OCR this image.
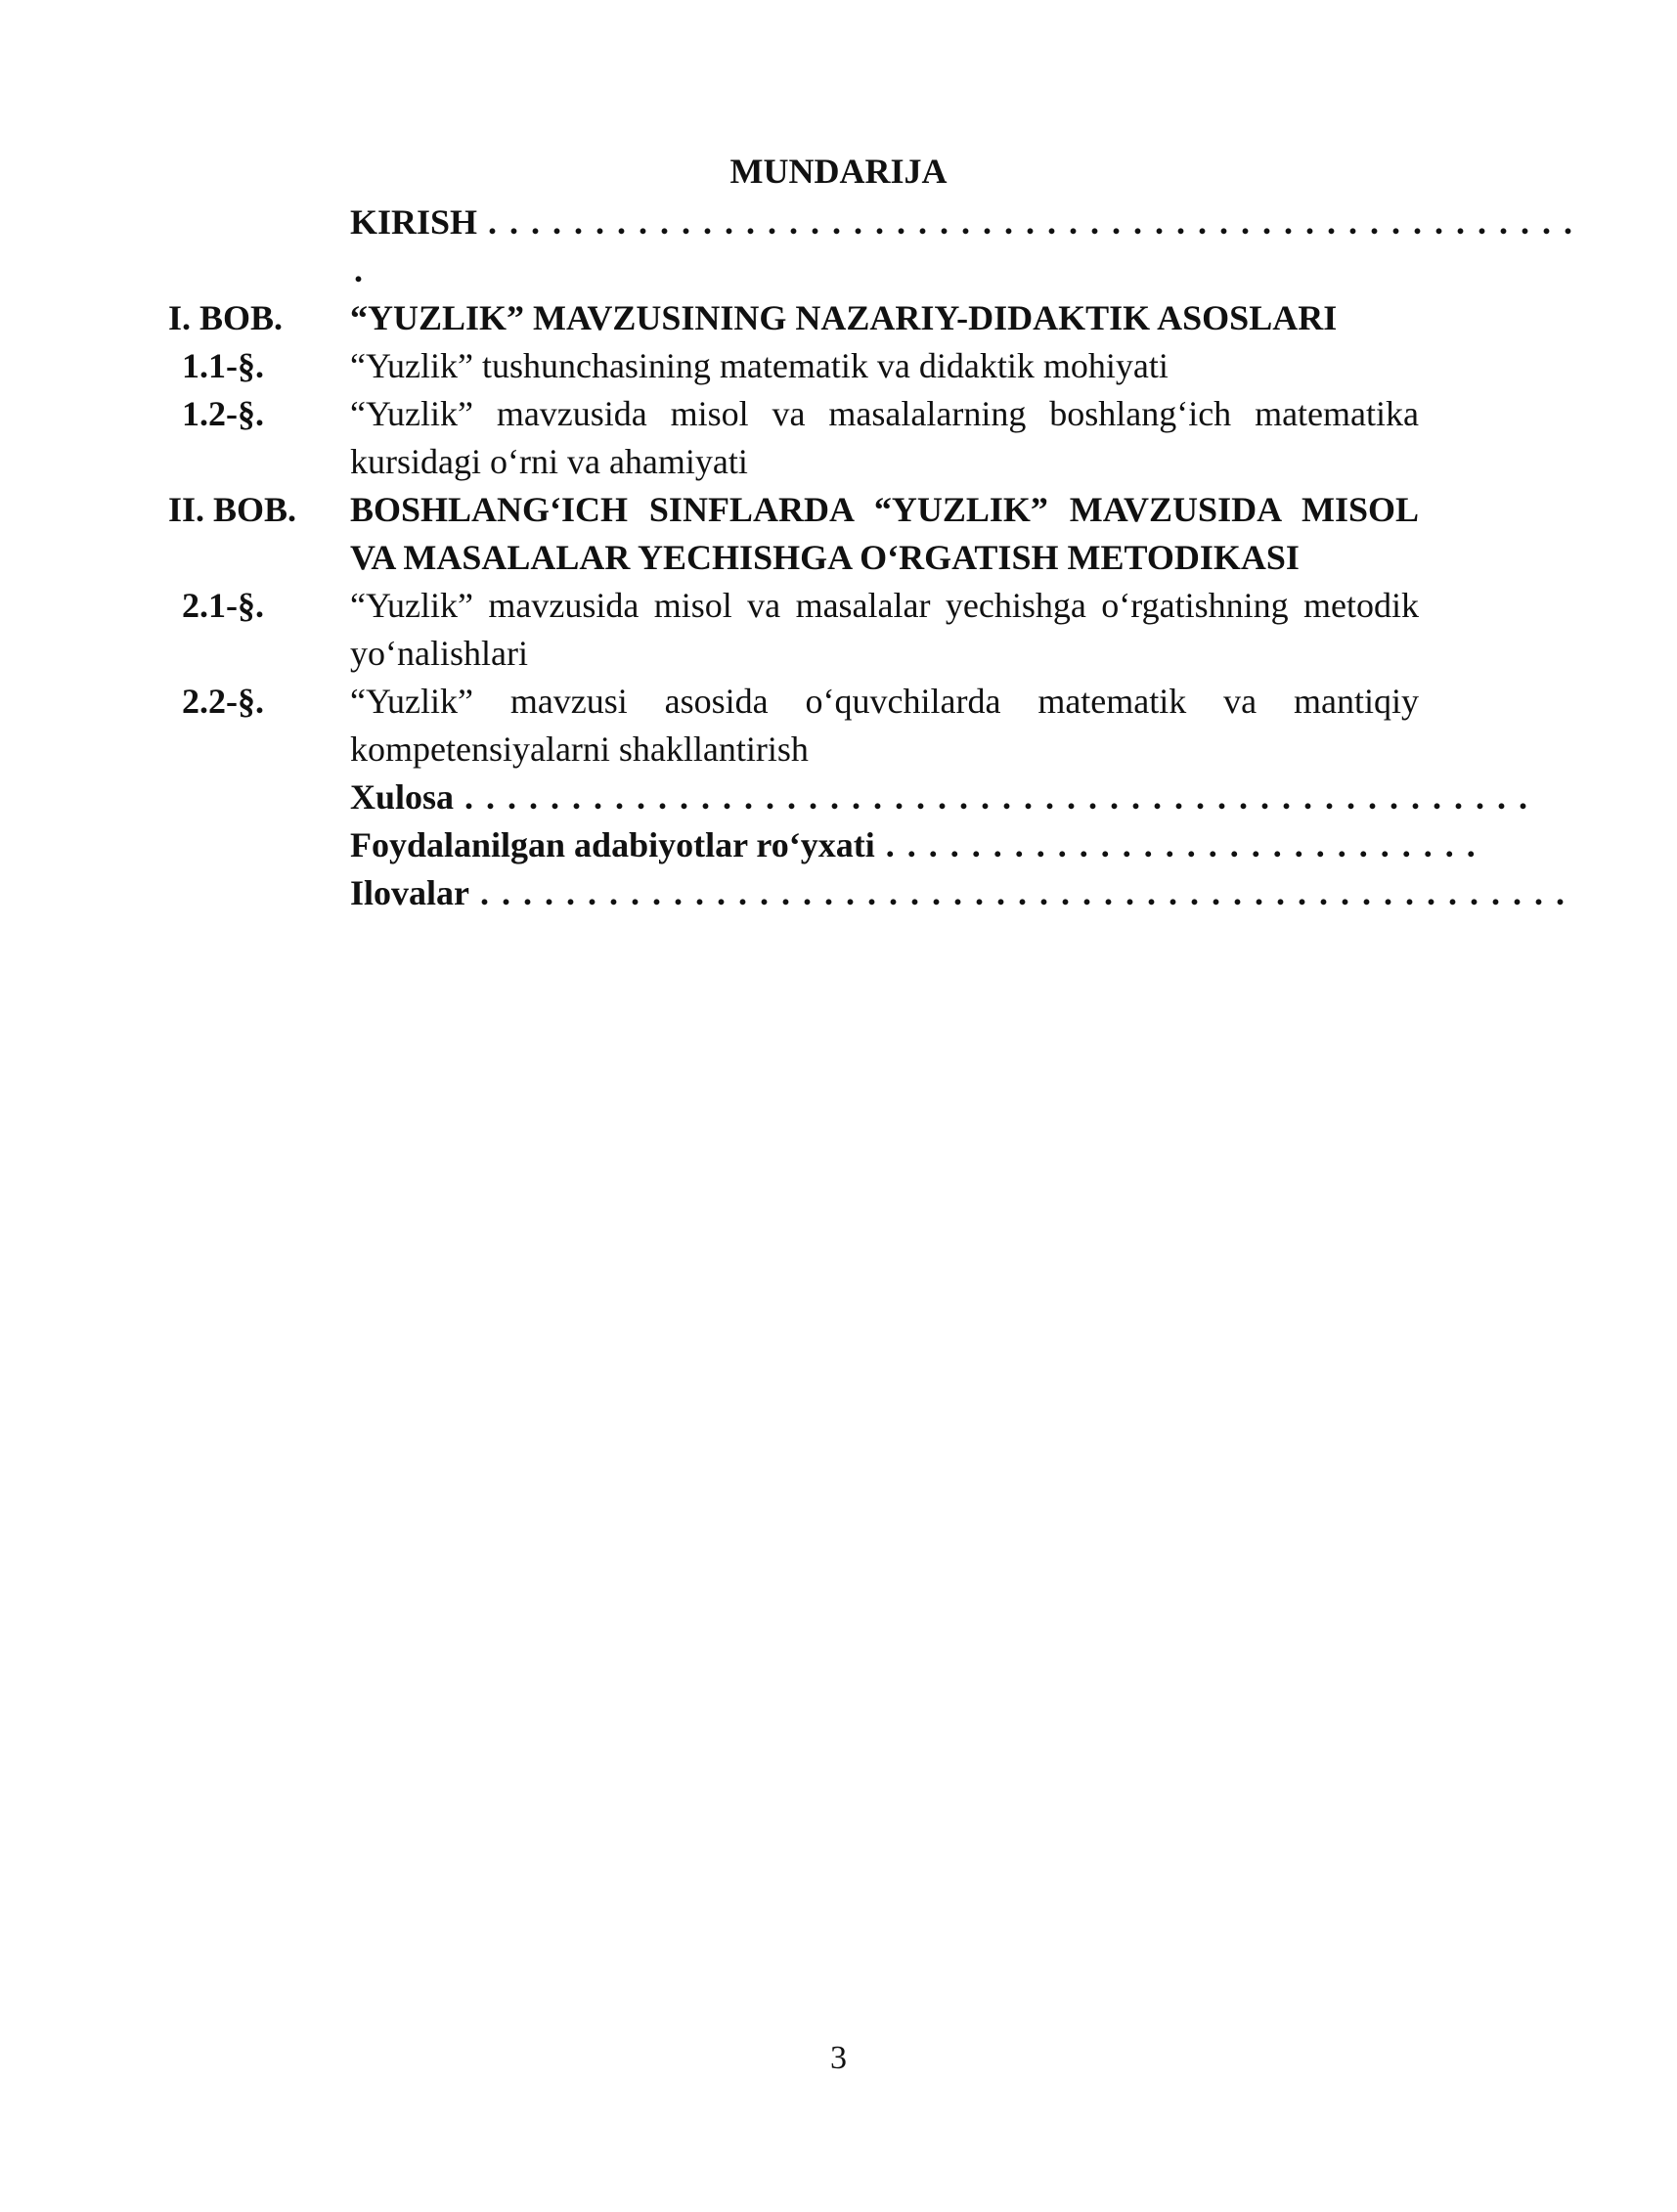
MUNDARIJA
KIRISH . . . . . . . . . . . . . . . . . . . . . . . . . . . . . . . . . . . . . . . . . . . . . . . . . . .
.
I. BOB. “YUZLIK” MAVZUSINING NAZARIY-DIDAKTIK ASOSLARI
1.1-§. “Yuzlik” tushunchasining matematik va didaktik mohiyati
1.2-§. “Yuzlik” mavzusida misol va masalalarning boshlang‘ich matematika kursidagi o‘rni va ahamiyati
II. BOB. BOSHLANG‘ICH SINFLARDA “YUZLIK” MAVZUSIDA MISOL VA MASALALAR YECHISHGA O‘RGATISH METODIKASI
2.1-§. “Yuzlik” mavzusida misol va masalalar yechishga o‘rgatishning metodik yo‘nalishlari
2.2-§. “Yuzlik” mavzusi asosida o‘quvchilarda matematik va mantiqiy kompetensiyalarni shakllantirish
Xulosa . . . . . . . . . . . . . . . . . . . . . . . . . . . . . . . . . . . . . . . . . . . . . . . . . .
Foydalanilgan adabiyotlar ro‘yxati . . . . . . . . . . . . . . . . . . . . . . . . . . . .
Ilovalar . . . . . . . . . . . . . . . . . . . . . . . . . . . . . . . . . . . . . . . . . . . . . . . . . . .
3
